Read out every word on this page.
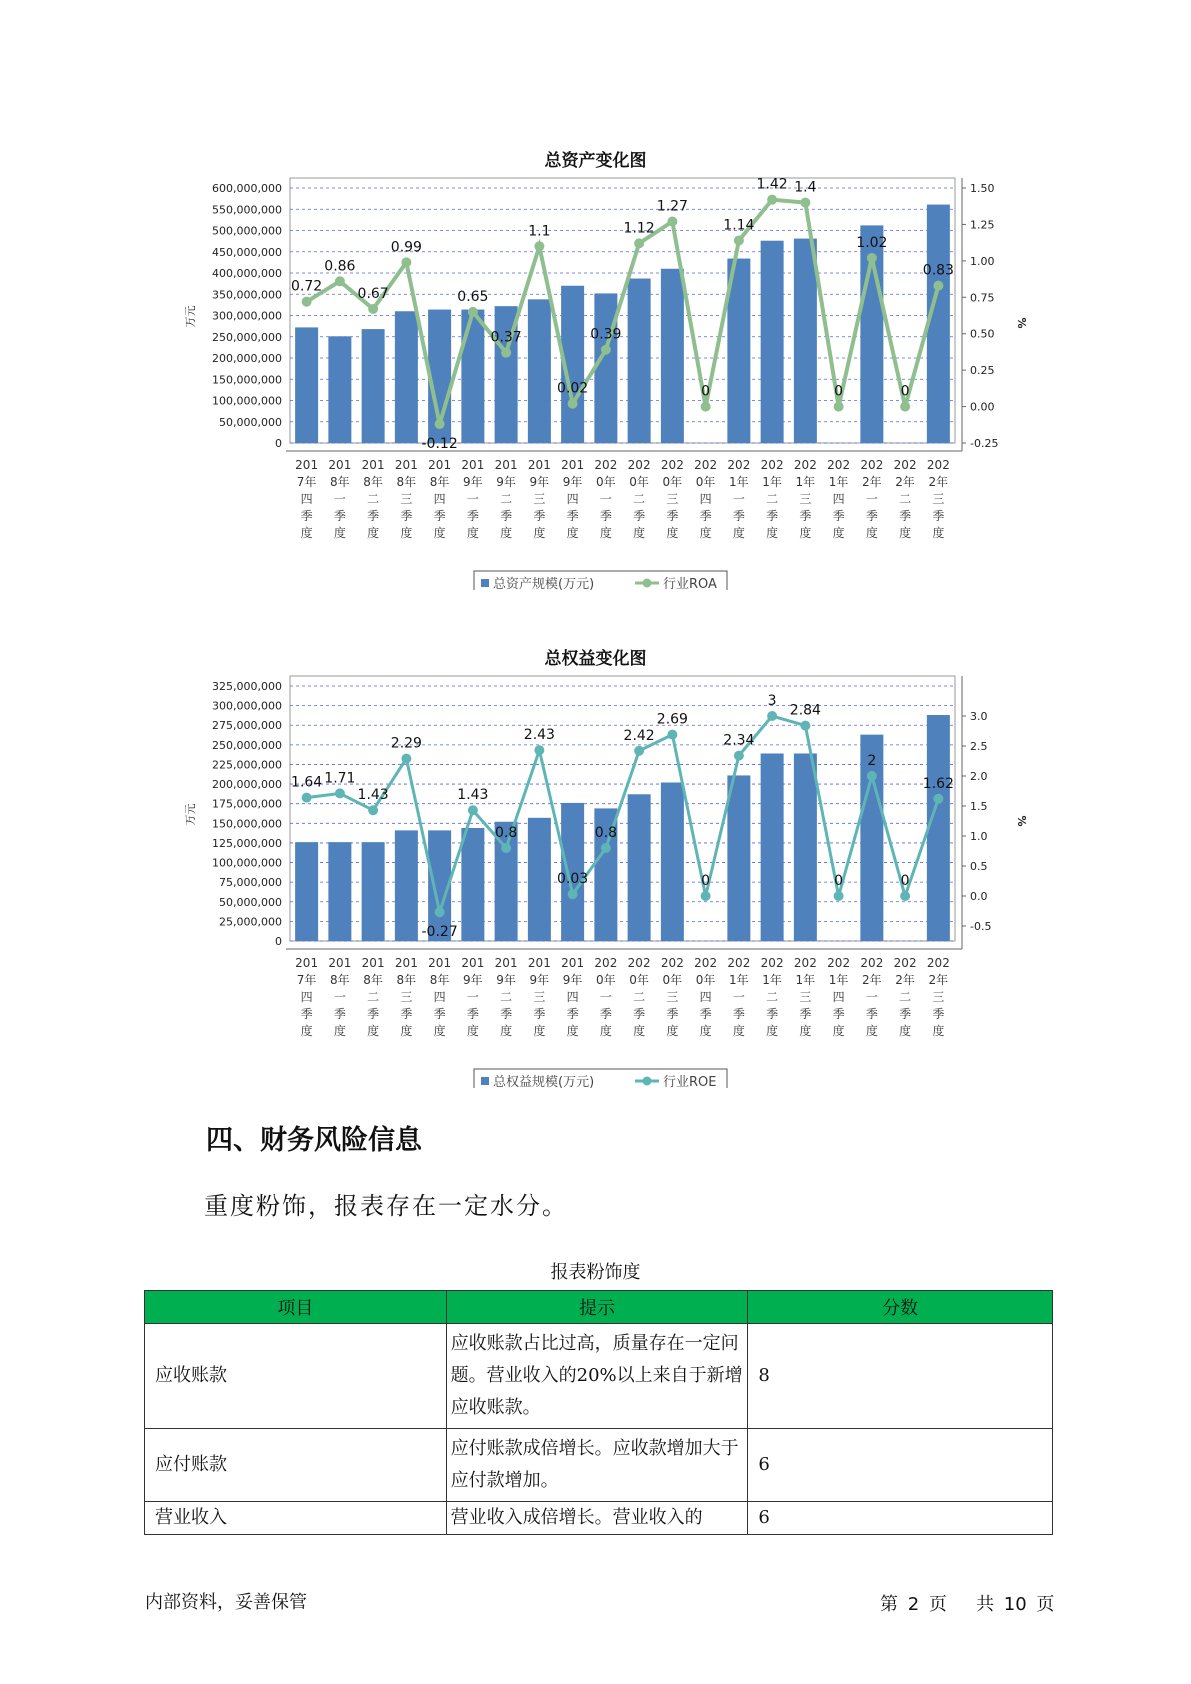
总资产变化图
600,000,000
550,000,000
500,000,000
450,000,000
400,000,000
350,000,000
300,000,000
250,000,000
200,000,000
150,000,000
100,000,000
50,000,000
0
1.50
1.25
1.00
0.75
0.50
0.25
0.00
-0.25
万元	%
0.72
0.86
0.67
0.99
-0.12
0.65
0.37
1.1
0.02
0.39
1.12
1.27
0
1.14
1.42 1.4
0
1.02
0
0.83
201
7年
四
季
度
201
8年
一
季
度
201
8年
二
季
度
201
8年
三
季
度
201
8年
四
季
度
201
9年
一
季
度
201
9年
二
季
度
201
9年
三
季
度
201
9年
四
季
度
202
0年
一
季
度
202
0年
二
季
度
202
0年
三
季
度
202
0年
四
季
度
202
1年
一
季
度
202
1年
二
季
度
202
1年
三
季
度
202
1年
四
季
度
202
2年
一
季
度
202
2年
二
季
度
202
2年
三
季
度
总资产规模(万元)	行业ROA
总权益变化图
325,000,000
300,000,000
275,000,000
250,000,000
225,000,000
200,000,000
175,000,000
150,000,000
125,000,000
100,000,000
75,000,000
50,000,000
25,000,000
0
3.0
2.5
2.0
1.5
1.0
0.5
0.0
-0.5
万元	%
1.64 1.71
1.43
2.29
-0.27
1.43
0.8
2.43
0.03
0.8
2.42
2.69
0
2.34
3
2.84
0
2
0
1.62
201
7年
四
季
度
201
8年
一
季
度
201
8年
二
季
度
201
8年
三
季
度
201
8年
四
季
度
201
9年
一
季
度
201
9年
二
季
度
201
9年
三
季
度
201
9年
四
季
度
202
0年
一
季
度
202
0年
二
季
度
202
0年
三
季
度
202
0年
四
季
度
202
1年
一
季
度
202
1年
二
季
度
202
1年
三
季
度
202
1年
四
季
度
202
2年
一
季
度
202
2年
二
季
度
202
2年
三
季
度
总权益规模(万元)	行业ROE
四、财务风险信息
重度粉饰，报表存在一定水分。
报表粉饰度
项目	提示	分数
应收账款	应收账款占比过高，质量存在一定问题。营业收入的20%以上来自于新增应收账款。	8
应付账款	应付账款成倍增长。应收款增加大于应付款增加。	6
营业收入	营业收入成倍增长。营业收入的	6
内部资料，妥善保管	第 2 页 共 10 页
